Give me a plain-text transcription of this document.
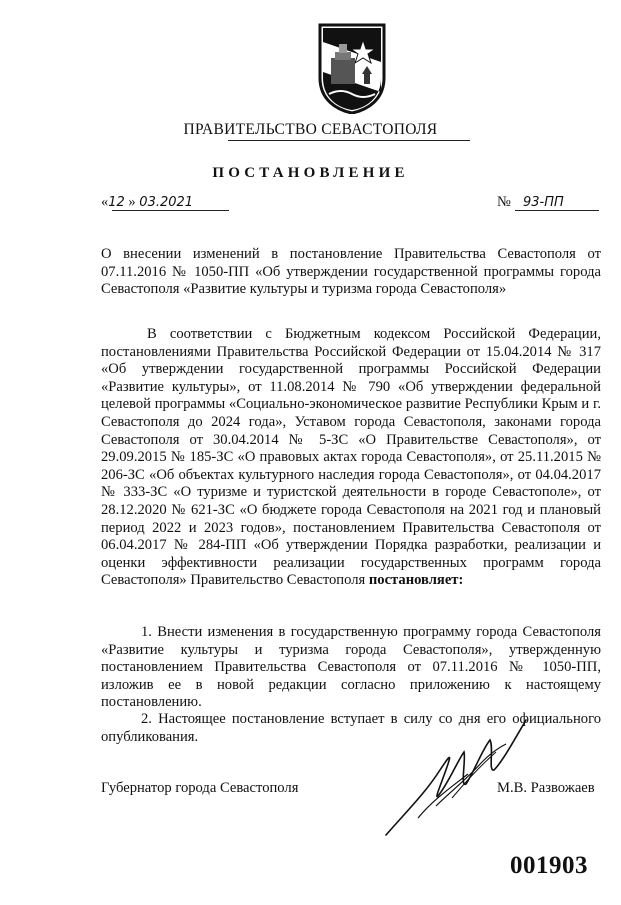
ПРАВИТЕЛЬСТВО СЕВАСТОПОЛЯ
ПОСТАНОВЛЕНИЕ
«12 » 03.2021	№ 93-ПП
О внесении изменений в постановление Правительства Севастополя от 07.11.2016 № 1050-ПП «Об утверждении государственной программы города Севастополя «Развитие культуры и туризма города Севастополя»
В соответствии с Бюджетным кодексом Российской Федерации, постановлениями Правительства Российской Федерации от 15.04.2014 № 317 «Об утверждении государственной программы Российской Федерации «Развитие культуры», от 11.08.2014 № 790 «Об утверждении федеральной целевой программы «Социально-экономическое развитие Республики Крым и г. Севастополя до 2024 года», Уставом города Севастополя, законами города Севастополя от 30.04.2014 № 5-ЗС «О Правительстве Севастополя», от 29.09.2015 № 185-ЗС «О правовых актах города Севастополя», от 25.11.2015 № 206-ЗС «Об объектах культурного наследия города Севастополя», от 04.04.2017 № 333-ЗС «О туризме и туристской деятельности в городе Севастополе», от 28.12.2020 № 621-ЗС «О бюджете города Севастополя на 2021 год и плановый период 2022 и 2023 годов», постановлением Правительства Севастополя от 06.04.2017 № 284-ПП «Об утверждении Порядка разработки, реализации и оценки эффективности реализации государственных программ города Севастополя» Правительство Севастополя постановляет:
1. Внести изменения в государственную программу города Севастополя «Развитие культуры и туризма города Севастополя», утвержденную постановлением Правительства Севастополя от 07.11.2016 № 1050-ПП, изложив ее в новой редакции согласно приложению к настоящему постановлению.
2. Настоящее постановление вступает в силу со дня его официального опубликования.
Губернатор города Севастополя	М.В. Развожаев
001903
